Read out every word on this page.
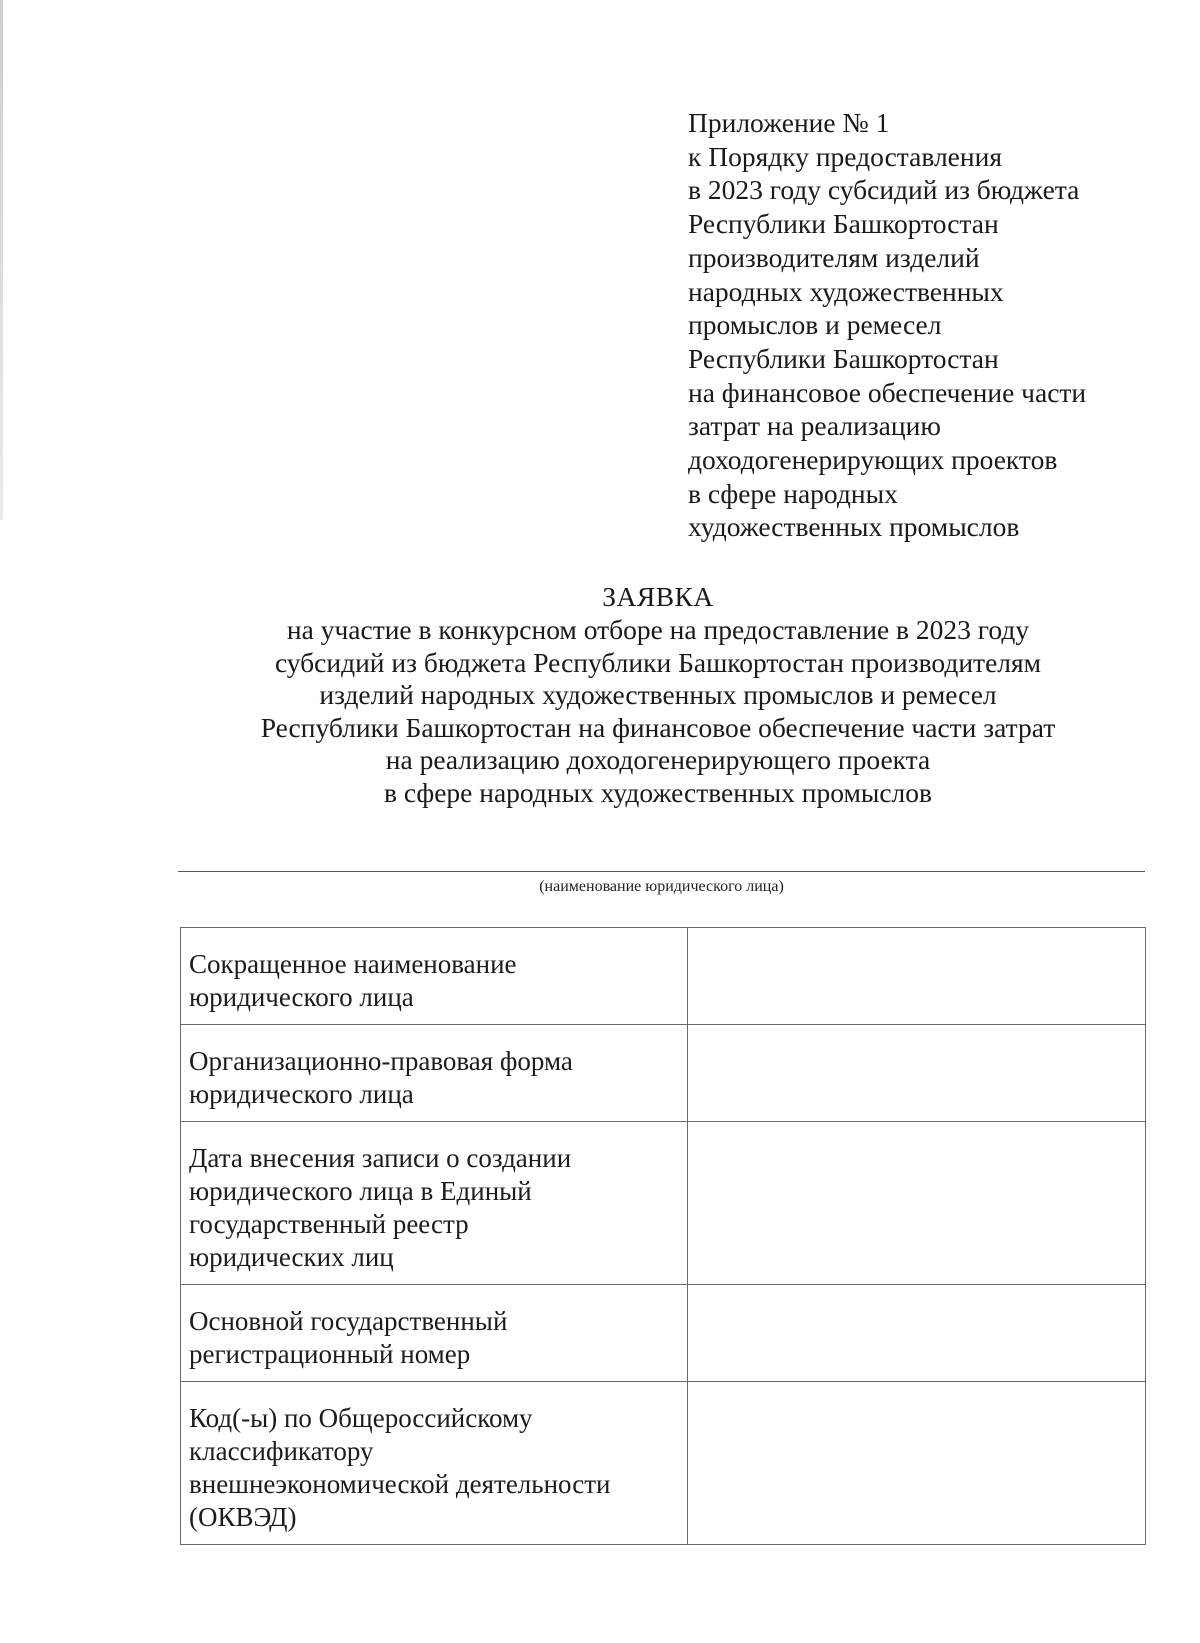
Приложение № 1
к Порядку предоставления
в 2023 году субсидий из бюджета
Республики Башкортостан
производителям изделий
народных художественных
промыслов и ремесел
Республики Башкортостан
на финансовое обеспечение части
затрат на реализацию
доходогенерирующих проектов
в сфере народных
художественных промыслов
ЗАЯВКА
на участие в конкурсном отборе на предоставление в 2023 году
субсидий из бюджета Республики Башкортостан производителям
изделий народных художественных промыслов и ремесел
Республики Башкортостан на финансовое обеспечение части затрат
на реализацию доходогенерирующего проекта
в сфере народных художественных промыслов
(наименование юридического лица)
Сокращенное наименование
юридического лица	

Организационно-правовая форма
юридического лица	

Дата внесения записи о создании
юридического лица в Единый
государственный реестр
юридических лиц	

Основной государственный
регистрационный номер	

Код(-ы) по Общероссийскому
классификатору
внешнеэкономической деятельности
(ОКВЭД)	
